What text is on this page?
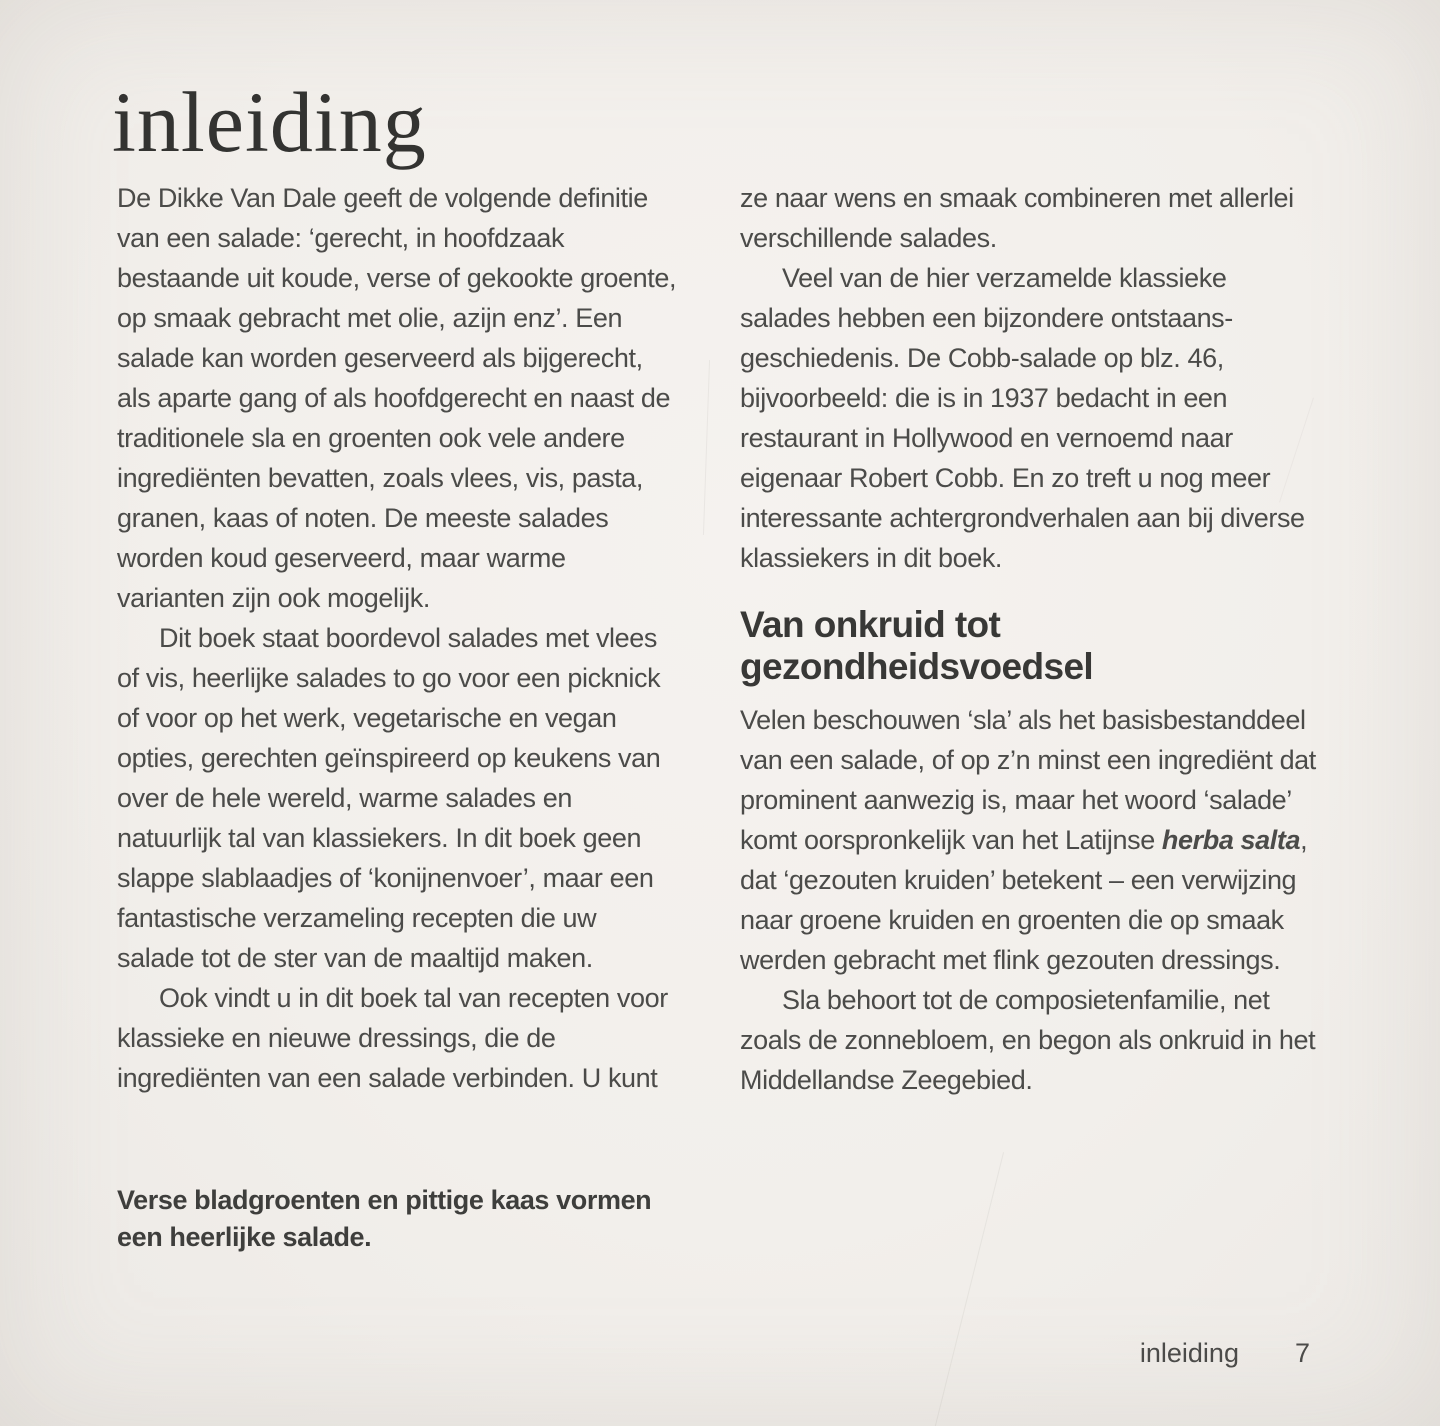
inleiding

De Dikke Van Dale geeft de volgende definitie van een salade: ‘gerecht, in hoofdzaak bestaande uit koude, verse of gekookte groente, op smaak gebracht met olie, azijn enz’. Een salade kan worden geserveerd als bijgerecht, als aparte gang of als hoofdgerecht en naast de traditionele sla en groenten ook vele andere ingrediënten bevatten, zoals vlees, vis, pasta, granen, kaas of noten. De meeste salades worden koud geserveerd, maar warme varianten zijn ook mogelijk.

Dit boek staat boordevol salades met vlees of vis, heerlijke salades to go voor een picknick of voor op het werk, vegetarische en vegan opties, gerechten geïnspireerd op keukens van over de hele wereld, warme salades en natuurlijk tal van klassiekers. In dit boek geen slappe slablaadjes of ‘konijnenvoer’, maar een fantastische verzameling recepten die uw salade tot de ster van de maaltijd maken.

Ook vindt u in dit boek tal van recepten voor klassieke en nieuwe dressings, die de ingrediënten van een salade verbinden. U kunt

Verse bladgroenten en pittige kaas vormen een heerlijke salade.

ze naar wens en smaak combineren met allerlei verschillende salades.

Veel van de hier verzamelde klassieke salades hebben een bijzondere ontstaansgeschiedenis. De Cobb-salade op blz. 46, bijvoorbeeld: die is in 1937 bedacht in een restaurant in Hollywood en vernoemd naar eigenaar Robert Cobb. En zo treft u nog meer interessante achtergrondverhalen aan bij diverse klassiekers in dit boek.

Van onkruid tot gezondheidsvoedsel

Velen beschouwen ‘sla’ als het basisbestanddeel van een salade, of op z’n minst een ingrediënt dat prominent aanwezig is, maar het woord ‘salade’ komt oorspronkelijk van het Latijnse herba salta, dat ‘gezouten kruiden’ betekent – een verwijzing naar groene kruiden en groenten die op smaak werden gebracht met flink gezouten dressings.

Sla behoort tot de composietenfamilie, net zoals de zonnebloem, en begon als onkruid in het Middellandse Zeegebied.

inleiding 7
